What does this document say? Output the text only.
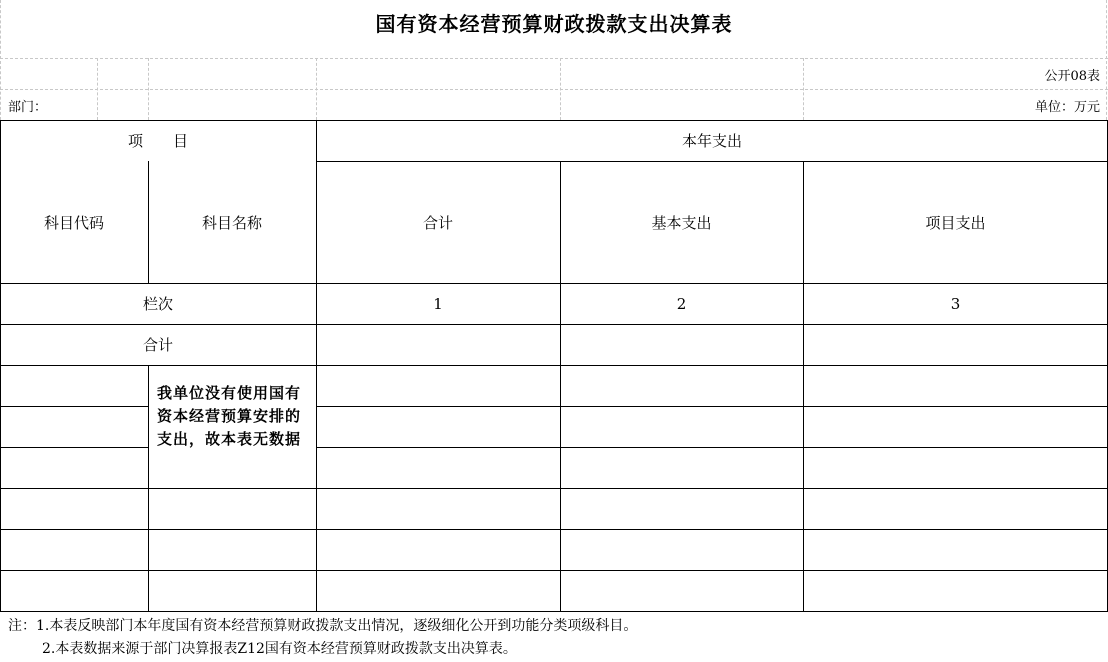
国有资本经营预算财政拨款支出决算表
公开08表
部门：	单位：万元
项　　目	本年支出
科目代码	科目名称	合计	基本支出	项目支出
栏次	1	2	3
合计
我单位没有使用国有资本经营预算安排的支出，故本表无数据
注：1.本表反映部门本年度国有资本经营预算财政拨款支出情况，逐级细化公开到功能分类项级科目。
2.本表数据来源于部门决算报表Z12国有资本经营预算财政拨款支出决算表。
